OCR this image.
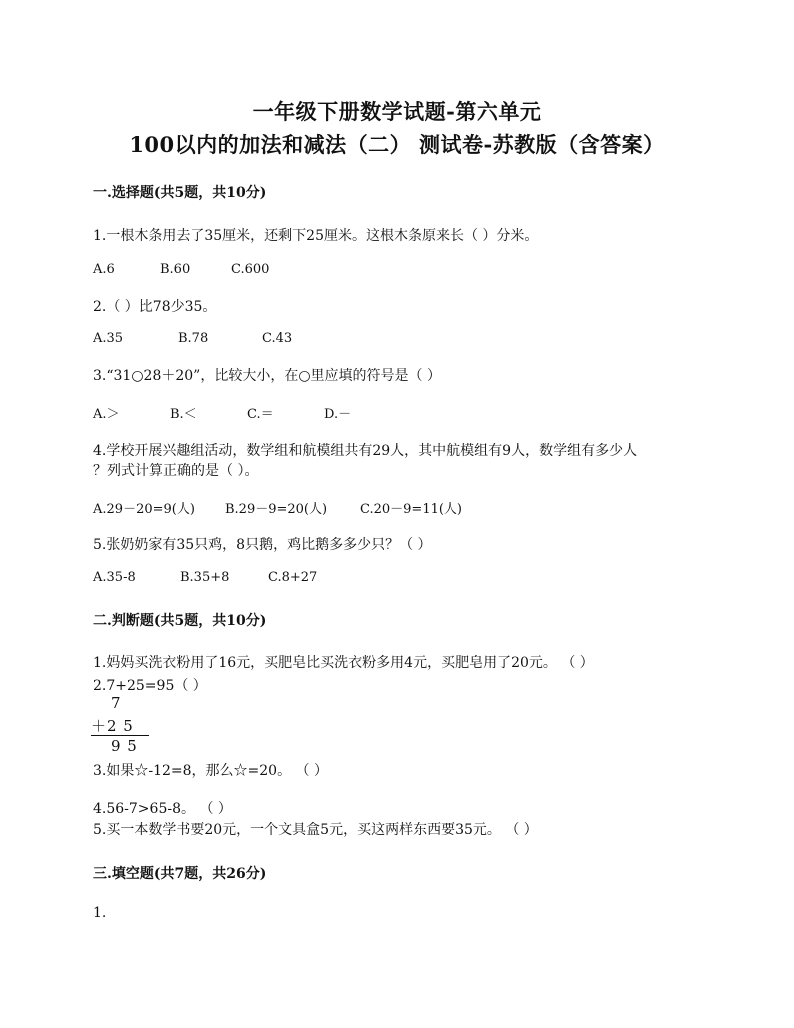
一年级下册数学试题-第六单元
100以内的加法和减法（二） 测试卷-苏教版（含答案）
一.选择题(共5题，共10分)
1.一根木条用去了35厘米，还剩下25厘米。这根木条原来长（ ）分米。
A.6	B.60	C.600
2.（ ）比78少35。
A.35	B.78	C.43
3.“31○28＋20”，比较大小，在○里应填的符号是（ ）
A.＞	B.＜	C.＝	D.－
4.学校开展兴趣组活动，数学组和航模组共有29人，其中航模组有9人，数学组有多少人
？列式计算正确的是（ ）。
A.29－20=9(人) B.29－9=20(人)	C.20－9=11(人)
5.张奶奶家有35只鸡，8只鹅，鸡比鹅多多少只？（ ）
A.35-8	B.35+8	C.8+27
二.判断题(共5题，共10分)
1.妈妈买洗衣粉用了16元，买肥皂比买洗衣粉多用4元，买肥皂用了20元。 （ ）
2.7+25=95（ ）
7
＋2 5
9 5
3.如果☆-12=8，那么☆=20。 （ ）
4.56-7>65-8。 （ ）
5.买一本数学书要20元，一个文具盒5元，买这两样东西要35元。 （ ）
三.填空题(共7题，共26分)
1.
